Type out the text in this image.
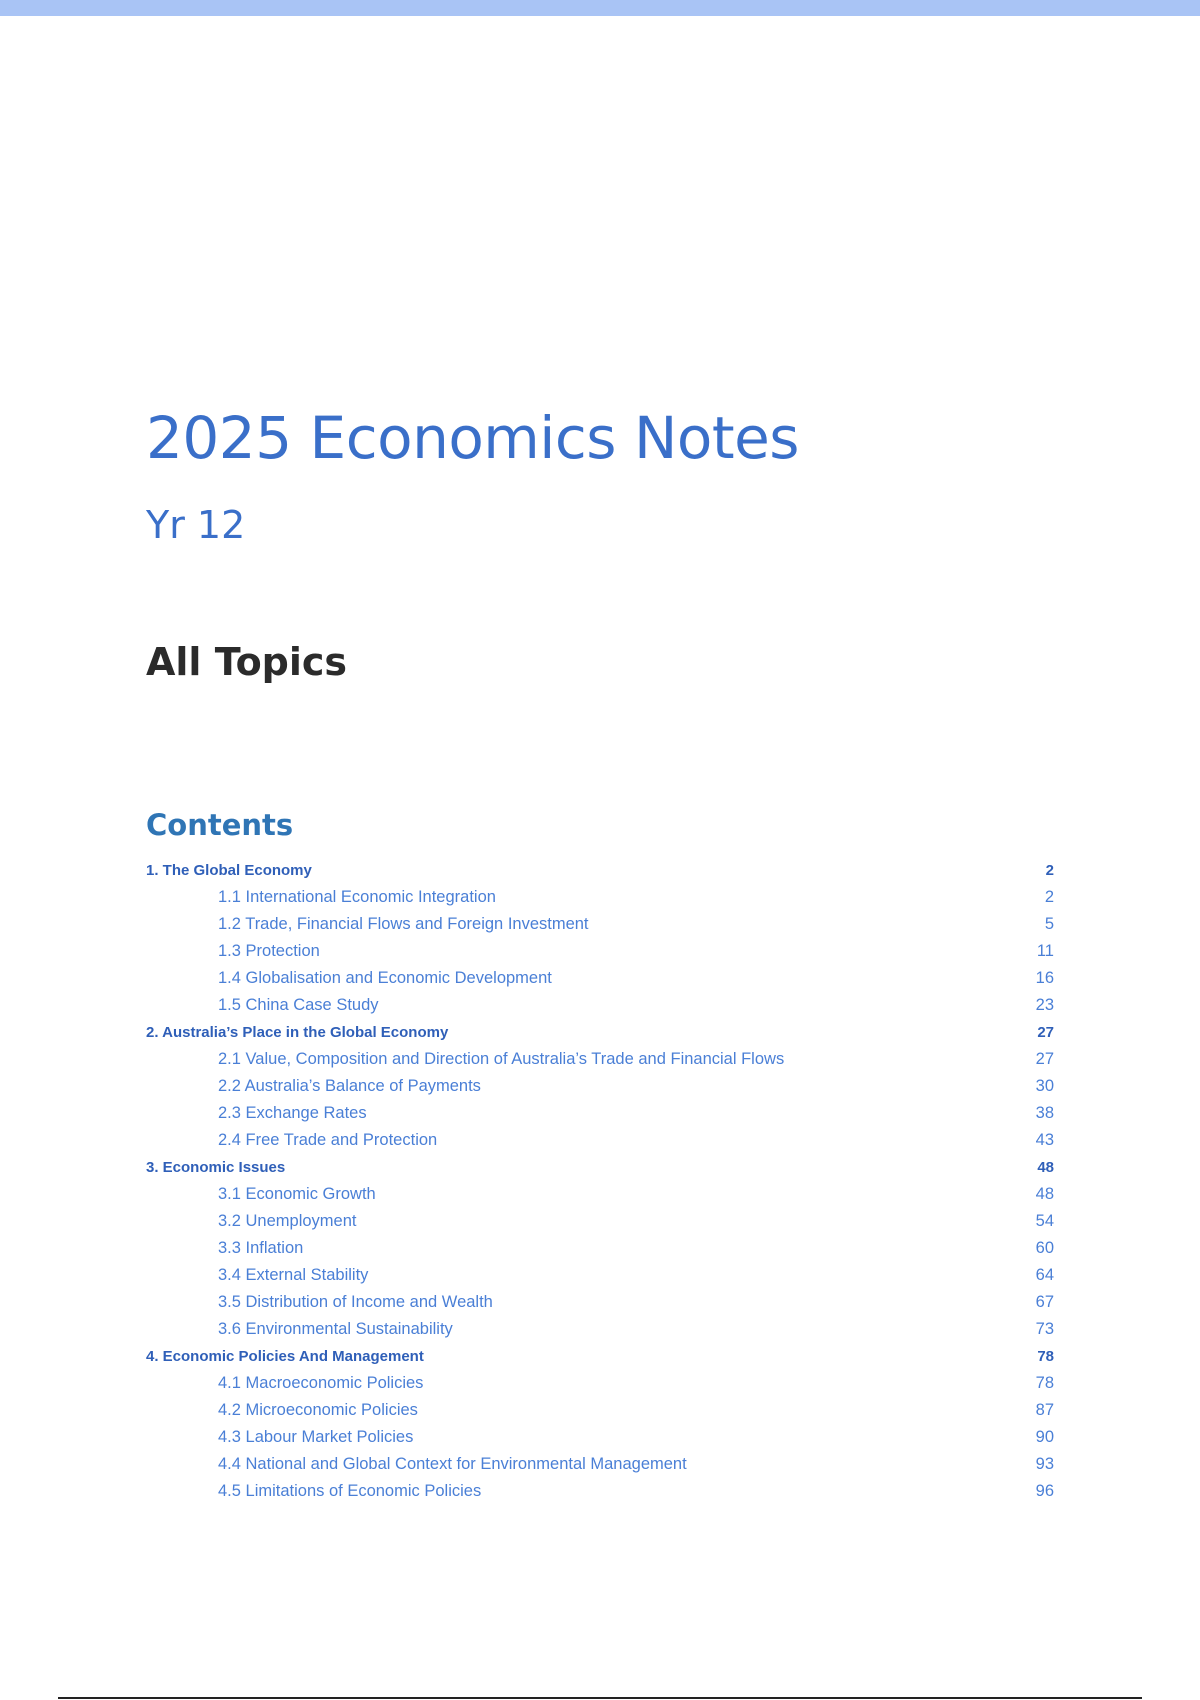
2025 Economics Notes
Yr 12
All Topics
Contents
1. The Global Economy	2
1.1 International Economic Integration	2
1.2 Trade, Financial Flows and Foreign Investment	5
1.3 Protection	11
1.4 Globalisation and Economic Development	16
1.5 China Case Study	23
2. Australia’s Place in the Global Economy	27
2.1 Value, Composition and Direction of Australia’s Trade and Financial Flows	27
2.2 Australia’s Balance of Payments	30
2.3 Exchange Rates	38
2.4 Free Trade and Protection	43
3. Economic Issues	48
3.1 Economic Growth	48
3.2 Unemployment	54
3.3 Inflation	60
3.4 External Stability	64
3.5 Distribution of Income and Wealth	67
3.6 Environmental Sustainability	73
4. Economic Policies And Management	78
4.1 Macroeconomic Policies	78
4.2 Microeconomic Policies	87
4.3 Labour Market Policies	90
4.4 National and Global Context for Environmental Management	93
4.5 Limitations of Economic Policies	96
